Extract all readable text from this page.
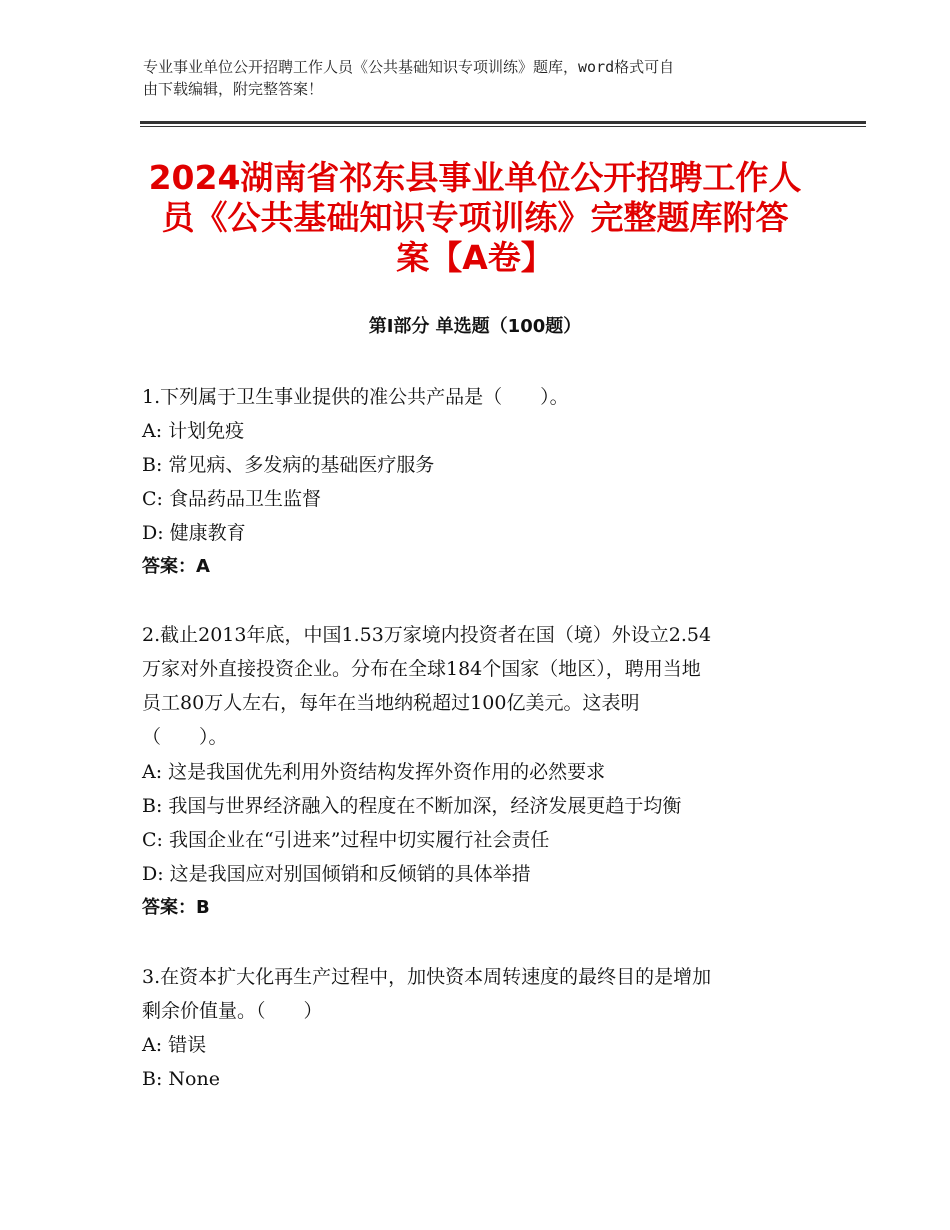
专业事业单位公开招聘工作人员《公共基础知识专项训练》题库，word格式可自
由下载编辑，附完整答案！
2024湖南省祁东县事业单位公开招聘工作人
员《公共基础知识专项训练》完整题库附答
案【A卷】
第Ⅰ部分 单选题（100题）
1.下列属于卫生事业提供的准公共产品是（　　）。
A: 计划免疫
B: 常见病、多发病的基础医疗服务
C: 食品药品卫生监督
D: 健康教育
答案：A
2.截止2013年底，中国1.53万家境内投资者在国（境）外设立2.54
万家对外直接投资企业。分布在全球184个国家（地区），聘用当地
员工80万人左右，每年在当地纳税超过100亿美元。这表明
（　　）。
A: 这是我国优先利用外资结构发挥外资作用的必然要求
B: 我国与世界经济融入的程度在不断加深，经济发展更趋于均衡
C: 我国企业在“引进来”过程中切实履行社会责任
D: 这是我国应对别国倾销和反倾销的具体举措
答案：B
3.在资本扩大化再生产过程中，加快资本周转速度的最终目的是增加
剩余价值量。（　　）
A: 错误
B: None
